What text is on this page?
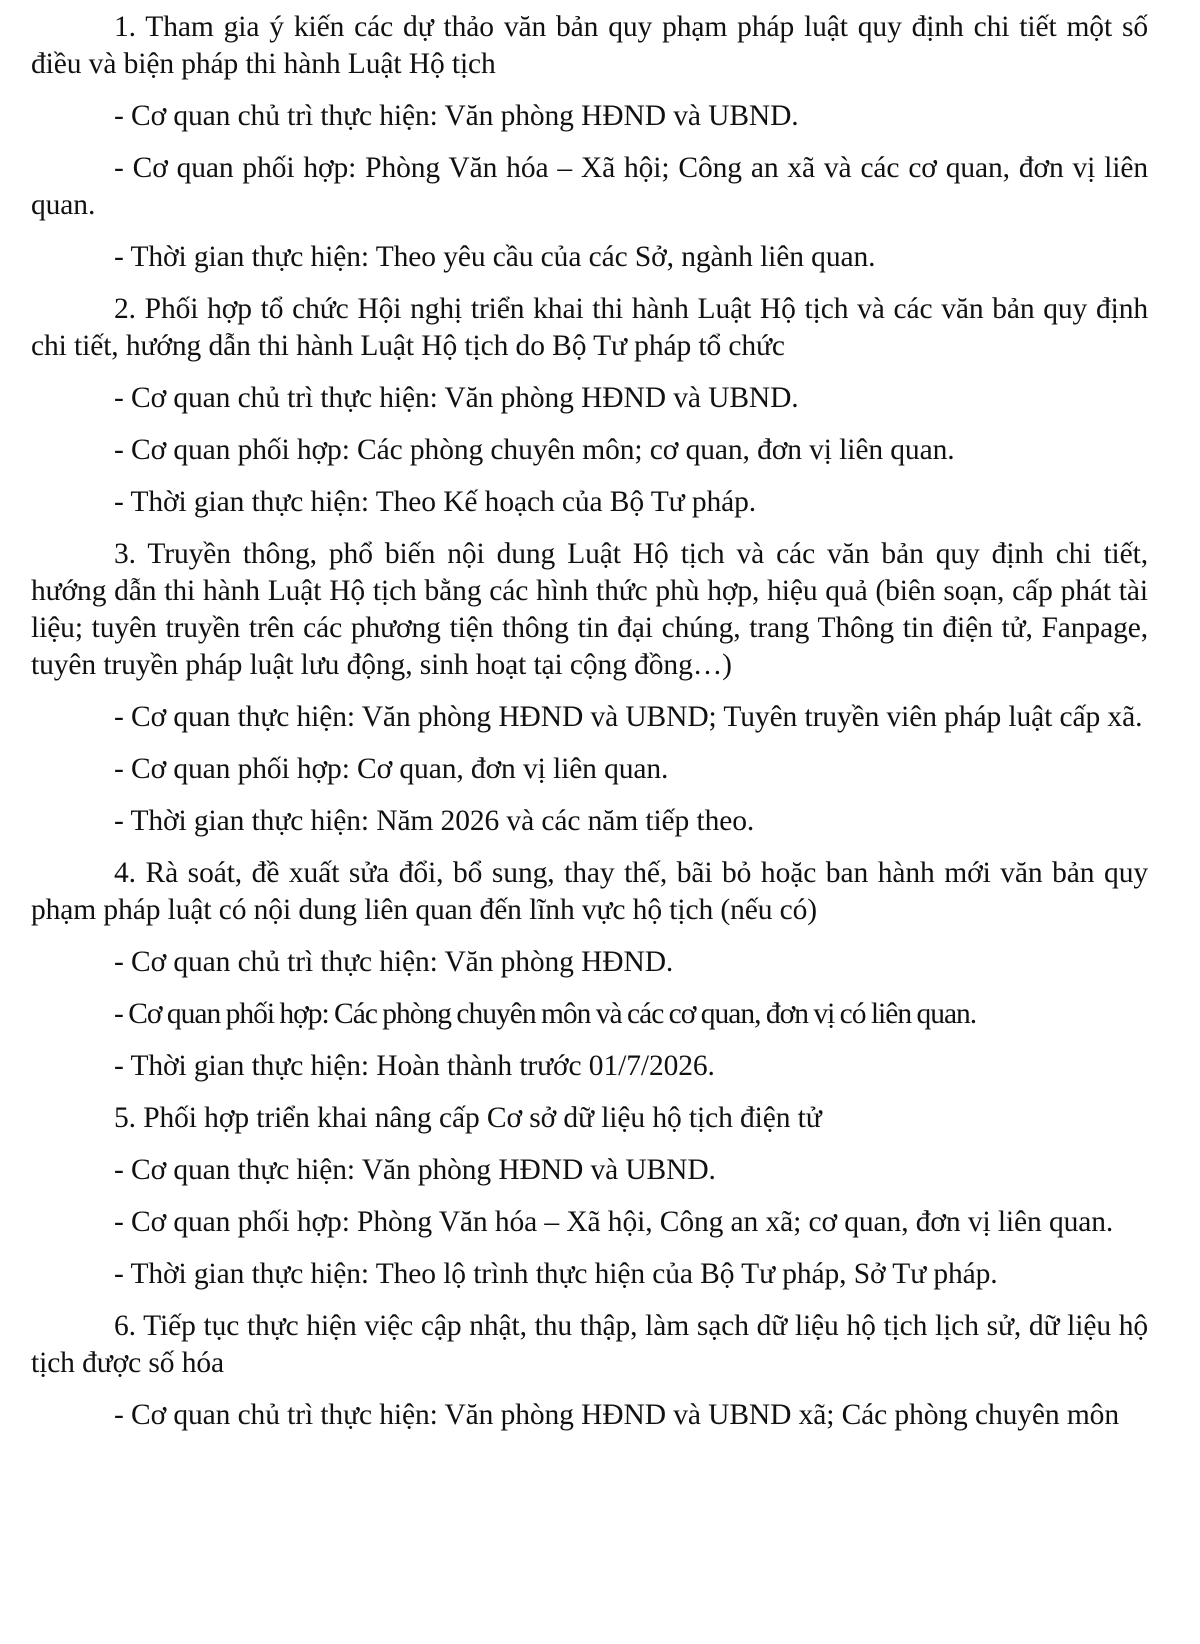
1. Tham gia ý kiến các dự thảo văn bản quy phạm pháp luật quy định chi tiết một số điều và biện pháp thi hành Luật Hộ tịch

- Cơ quan chủ trì thực hiện: Văn phòng HĐND và UBND.

- Cơ quan phối hợp: Phòng Văn hóa – Xã hội; Công an xã và các cơ quan, đơn vị liên quan.

- Thời gian thực hiện: Theo yêu cầu của các Sở, ngành liên quan.

2. Phối hợp tổ chức Hội nghị triển khai thi hành Luật Hộ tịch và các văn bản quy định chi tiết, hướng dẫn thi hành Luật Hộ tịch do Bộ Tư pháp tổ chức

- Cơ quan chủ trì thực hiện: Văn phòng HĐND và UBND.

- Cơ quan phối hợp: Các phòng chuyên môn; cơ quan, đơn vị liên quan.

- Thời gian thực hiện: Theo Kế hoạch của Bộ Tư pháp.

3. Truyền thông, phổ biến nội dung Luật Hộ tịch và các văn bản quy định chi tiết, hướng dẫn thi hành Luật Hộ tịch bằng các hình thức phù hợp, hiệu quả (biên soạn, cấp phát tài liệu; tuyên truyền trên các phương tiện thông tin đại chúng, trang Thông tin điện tử, Fanpage, tuyên truyền pháp luật lưu động, sinh hoạt tại cộng đồng…)

- Cơ quan thực hiện: Văn phòng HĐND và UBND; Tuyên truyền viên pháp luật cấp xã.

- Cơ quan phối hợp: Cơ quan, đơn vị liên quan.

- Thời gian thực hiện: Năm 2026 và các năm tiếp theo.

4. Rà soát, đề xuất sửa đổi, bổ sung, thay thế, bãi bỏ hoặc ban hành mới văn bản quy phạm pháp luật có nội dung liên quan đến lĩnh vực hộ tịch (nếu có)

- Cơ quan chủ trì thực hiện: Văn phòng HĐND.

- Cơ quan phối hợp: Các phòng chuyên môn và các cơ quan, đơn vị có liên quan.

- Thời gian thực hiện: Hoàn thành trước 01/7/2026.

5. Phối hợp triển khai nâng cấp Cơ sở dữ liệu hộ tịch điện tử

- Cơ quan thực hiện: Văn phòng HĐND và UBND.

- Cơ quan phối hợp: Phòng Văn hóa – Xã hội, Công an xã; cơ quan, đơn vị liên quan.

- Thời gian thực hiện: Theo lộ trình thực hiện của Bộ Tư pháp, Sở Tư pháp.

6. Tiếp tục thực hiện việc cập nhật, thu thập, làm sạch dữ liệu hộ tịch lịch sử, dữ liệu hộ tịch được số hóa

- Cơ quan chủ trì thực hiện: Văn phòng HĐND và UBND xã; Các phòng chuyên môn
